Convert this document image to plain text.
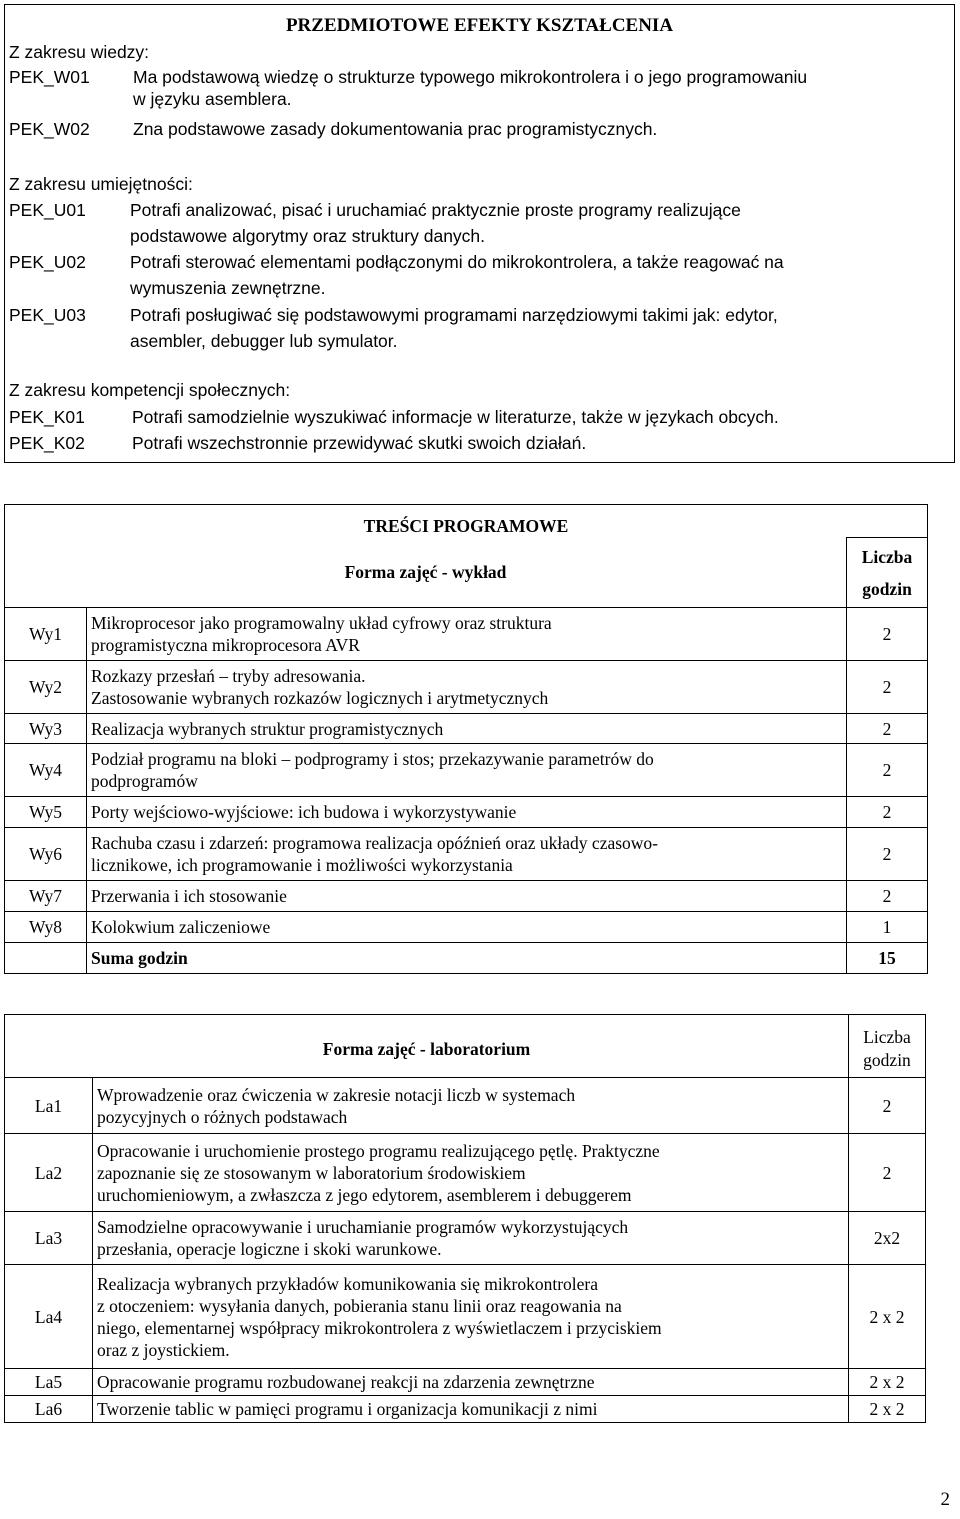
PRZEDMIOTOWE EFEKTY KSZTAŁCENIA
Z zakresu wiedzy:
PEK_W01 Ma podstawową wiedzę o strukturze typowego mikrokontrolera i o jego programowaniu
w języku asemblera.
PEK_W02 Zna podstawowe zasady dokumentowania prac programistycznych.
Z zakresu umiejętności:
PEK_U01	Potrafi analizować, pisać i uruchamiać praktycznie proste programy realizujące
podstawowe algorytmy oraz struktury danych.
PEK_U02	Potrafi sterować elementami podłączonymi do mikrokontrolera, a także reagować na
wymuszenia zewnętrzne.
PEK_U03	Potrafi posługiwać się podstawowymi programami narzędziowymi takimi jak: edytor,
asembler, debugger lub symulator.
Z zakresu kompetencji społecznych:
PEK_K01	Potrafi samodzielnie wyszukiwać informacje w literaturze, także w językach obcych.
PEK_K02	Potrafi wszechstronnie przewidywać skutki swoich działań.
TREŚCI PROGRAMOWE		
Forma zajęć - wykład		Liczba
godzin

Wy1	Mikroprocesor jako programowalny układ cyfrowy oraz struktura
programistyczna mikroprocesora AVR	2
Wy2	Rozkazy przesłań – tryby adresowania.
Zastosowanie wybranych rozkazów logicznych i arytmetycznych	2
Wy3	Realizacja wybranych struktur programistycznych	2
Wy4	Podział programu na bloki – podprogramy i stos; przekazywanie parametrów do
podprogramów	2
Wy5	Porty wejściowo-wyjściowe: ich budowa i wykorzystywanie	2
Wy6	Rachuba czasu i zdarzeń: programowa realizacja opóźnień oraz układy czasowo-
licznikowe, ich programowanie i możliwości wykorzystania	2
Wy7	Przerwania i ich stosowanie	2
Wy8	Kolokwium zaliczeniowe	1
	Suma godzin	15
Forma zajęć - laboratorium		Liczba
godzin

La1	Wprowadzenie oraz ćwiczenia w zakresie notacji liczb w systemach
pozycyjnych o różnych podstawach	2
La2	Opracowanie i uruchomienie prostego programu realizującego pętlę. Praktyczne
zapoznanie się ze stosowanym w laboratorium środowiskiem
uruchomieniowym, a zwłaszcza z jego edytorem, asemblerem i debuggerem	2
La3	Samodzielne opracowywanie i uruchamianie programów wykorzystujących
przesłania, operacje logiczne i skoki warunkowe.	2x2
La4	Realizacja wybranych przykładów komunikowania się mikrokontrolera
z otoczeniem: wysyłania danych, pobierania stanu linii oraz reagowania na
niego, elementarnej współpracy mikrokontrolera z wyświetlaczem i przyciskiem
oraz z joystickiem.	2 x 2
La5	Opracowanie programu rozbudowanej reakcji na zdarzenia zewnętrzne	2 x 2
La6	Tworzenie tablic w pamięci programu i organizacja komunikacji z nimi	2 x 2
2
